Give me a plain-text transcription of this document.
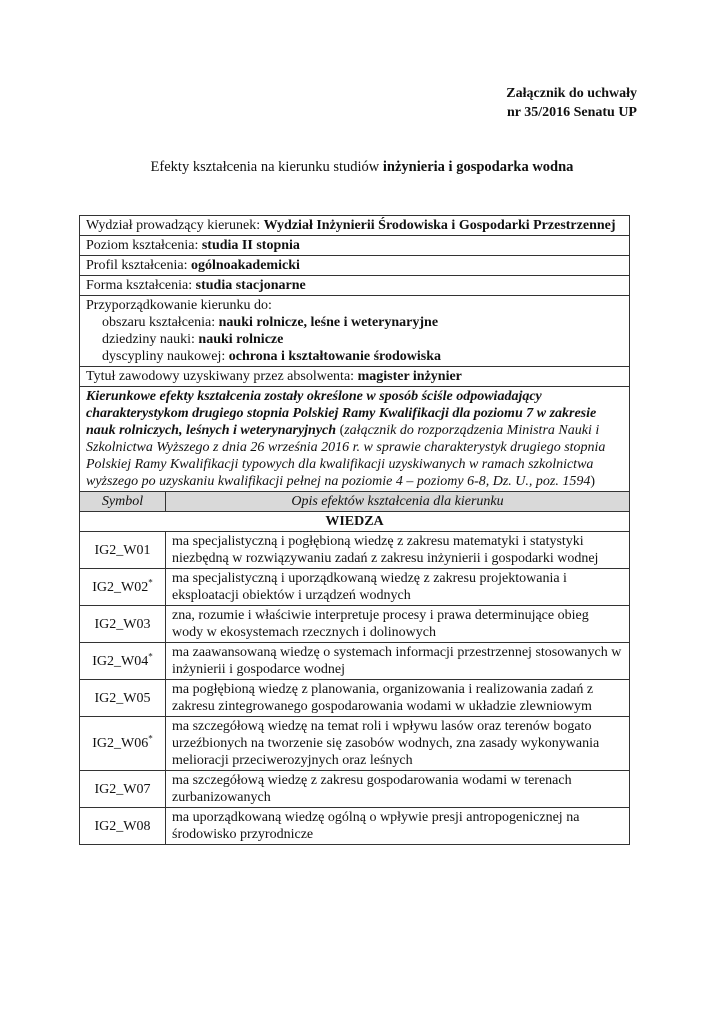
Załącznik do uchwały
nr 35/2016 Senatu UP
Efekty kształcenia na kierunku studiów inżynieria i gospodarka wodna
Wydział prowadzący kierunek: Wydział Inżynierii Środowiska i Gospodarki Przestrzennej	
Poziom kształcenia: studia II stopnia	
Profil kształcenia: ogólnoakademicki	
Forma kształcenia: studia stacjonarne	

Przyporządkowanie kierunku do:
obszaru kształcenia: nauki rolnicze, leśne i weterynaryjne
dziedziny nauki: nauki rolnicze
dyscypliny naukowej: ochrona i kształtowanie środowiska	

Tytuł zawodowy uzyskiwany przez absolwenta: magister inżynier	
Kierunkowe efekty kształcenia zostały określone w sposób ściśle odpowiadający charakterystykom drugiego stopnia Polskiej Ramy Kwalifikacji dla poziomu 7 w zakresie nauk rolniczych, leśnych i weterynaryjnych (załącznik do rozporządzenia Ministra Nauki i Szkolnictwa Wyższego z dnia 26 września 2016 r. w sprawie charakterystyk drugiego stopnia Polskiej Ramy Kwalifikacji typowych dla kwalifikacji uzyskiwanych w ramach szkolnictwa wyższego po uzyskaniu kwalifikacji pełnej na poziomie 4 – poziomy 6-8, Dz. U., poz. 1594)	
Symbol	Opis efektów kształcenia dla kierunku
WIEDZA	
IG2_W01	ma specjalistyczną i pogłębioną wiedzę z zakresu matematyki i statystyki niezbędną w rozwiązywaniu zadań z zakresu inżynierii i gospodarki wodnej
IG2_W02*	ma specjalistyczną i uporządkowaną wiedzę z zakresu projektowania i eksploatacji obiektów i urządzeń wodnych
IG2_W03	zna, rozumie i właściwie interpretuje procesy i prawa determinujące obieg wody w ekosystemach rzecznych i dolinowych
IG2_W04*	ma zaawansowaną wiedzę o systemach informacji przestrzennej stosowanych w inżynierii i gospodarce wodnej
IG2_W05	ma pogłębioną wiedzę z planowania, organizowania i realizowania zadań z zakresu zintegrowanego gospodarowania wodami w układzie zlewniowym
IG2_W06*	ma szczegółową wiedzę na temat roli i wpływu lasów oraz terenów bogato urzeźbionych na tworzenie się zasobów wodnych, zna zasady wykonywania melioracji przeciwerozyjnych oraz leśnych
IG2_W07	ma szczegółową wiedzę z zakresu gospodarowania wodami w terenach zurbanizowanych
IG2_W08	ma uporządkowaną wiedzę ogólną o wpływie presji antropogenicznej na środowisko przyrodnicze
